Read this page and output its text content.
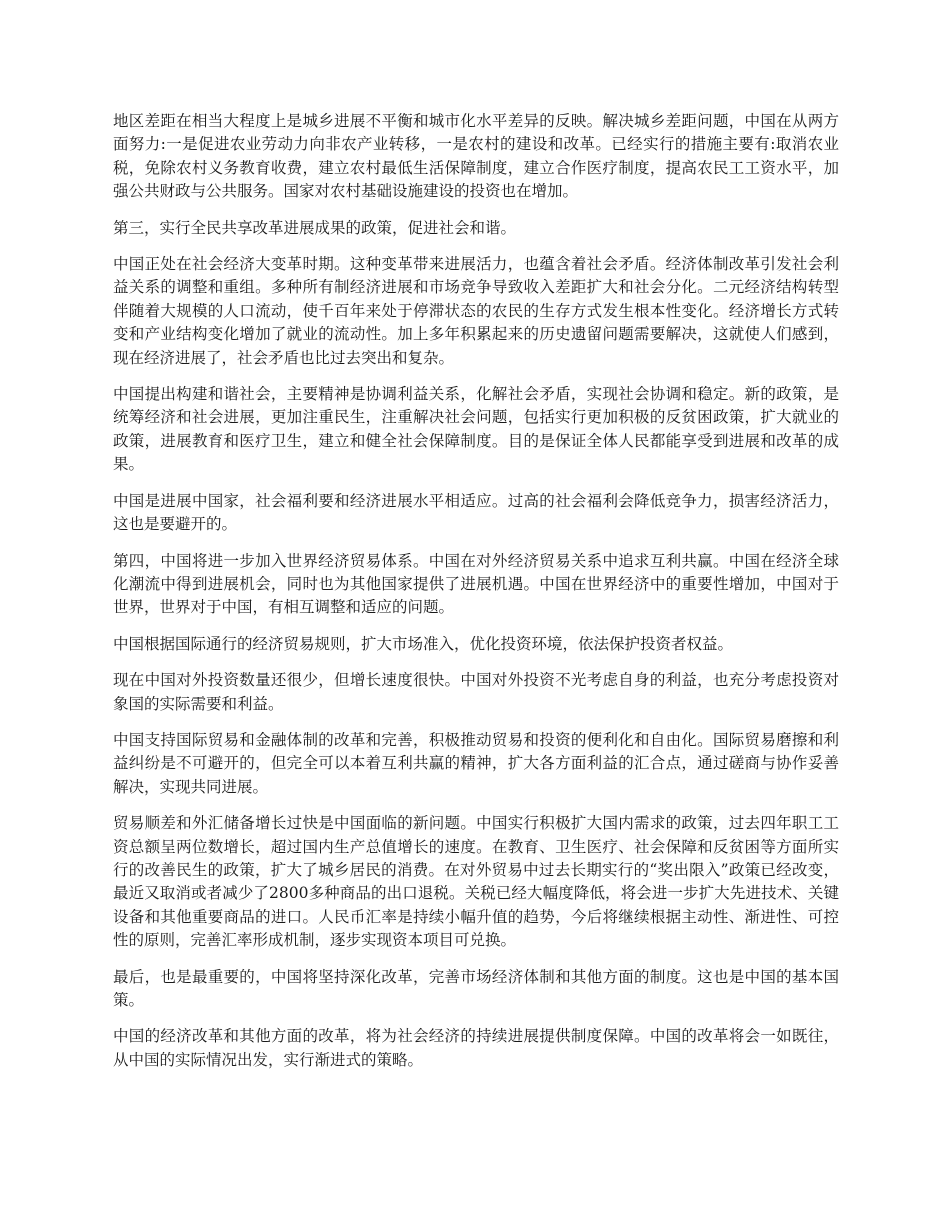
地区差距在相当大程度上是城乡进展不平衡和城市化水平差异的反映。解决城乡差距问题，中国在从两方面努力:一是促进农业劳动力向非农产业转移，一是农村的建设和改革。已经实行的措施主要有:取消农业税，免除农村义务教育收费，建立农村最低生活保障制度，建立合作医疗制度，提高农民工工资水平，加强公共财政与公共服务。国家对农村基础设施建设的投资也在增加。

第三，实行全民共享改革进展成果的政策，促进社会和谐。

中国正处在社会经济大变革时期。这种变革带来进展活力，也蕴含着社会矛盾。经济体制改革引发社会利益关系的调整和重组。多种所有制经济进展和市场竞争导致收入差距扩大和社会分化。二元经济结构转型伴随着大规模的人口流动，使千百年来处于停滞状态的农民的生存方式发生根本性变化。经济增长方式转变和产业结构变化增加了就业的流动性。加上多年积累起来的历史遗留问题需要解决，这就使人们感到，现在经济进展了，社会矛盾也比过去突出和复杂。

中国提出构建和谐社会，主要精神是协调利益关系，化解社会矛盾，实现社会协调和稳定。新的政策，是统筹经济和社会进展，更加注重民生，注重解决社会问题，包括实行更加积极的反贫困政策，扩大就业的政策，进展教育和医疗卫生，建立和健全社会保障制度。目的是保证全体人民都能享受到进展和改革的成果。

中国是进展中国家，社会福利要和经济进展水平相适应。过高的社会福利会降低竞争力，损害经济活力，这也是要避开的。

第四，中国将进一步加入世界经济贸易体系。中国在对外经济贸易关系中追求互利共赢。中国在经济全球化潮流中得到进展机会，同时也为其他国家提供了进展机遇。中国在世界经济中的重要性增加，中国对于世界，世界对于中国，有相互调整和适应的问题。

中国根据国际通行的经济贸易规则，扩大市场准入，优化投资环境，依法保护投资者权益。

现在中国对外投资数量还很少，但增长速度很快。中国对外投资不光考虑自身的利益，也充分考虑投资对象国的实际需要和利益。

中国支持国际贸易和金融体制的改革和完善，积极推动贸易和投资的便利化和自由化。国际贸易磨擦和利益纠纷是不可避开的，但完全可以本着互利共赢的精神，扩大各方面利益的汇合点，通过磋商与协作妥善解决，实现共同进展。

贸易顺差和外汇储备增长过快是中国面临的新问题。中国实行积极扩大国内需求的政策，过去四年职工工资总额呈两位数增长，超过国内生产总值增长的速度。在教育、卫生医疗、社会保障和反贫困等方面所实行的改善民生的政策，扩大了城乡居民的消费。在对外贸易中过去长期实行的“奖出限入”政策已经改变，最近又取消或者减少了2800多种商品的出口退税。关税已经大幅度降低，将会进一步扩大先进技术、关键设备和其他重要商品的进口。人民币汇率是持续小幅升值的趋势，今后将继续根据主动性、渐进性、可控性的原则，完善汇率形成机制，逐步实现资本项目可兑换。

最后，也是最重要的，中国将坚持深化改革，完善市场经济体制和其他方面的制度。这也是中国的基本国策。

中国的经济改革和其他方面的改革，将为社会经济的持续进展提供制度保障。中国的改革将会一如既往，从中国的实际情况出发，实行渐进式的策略。
